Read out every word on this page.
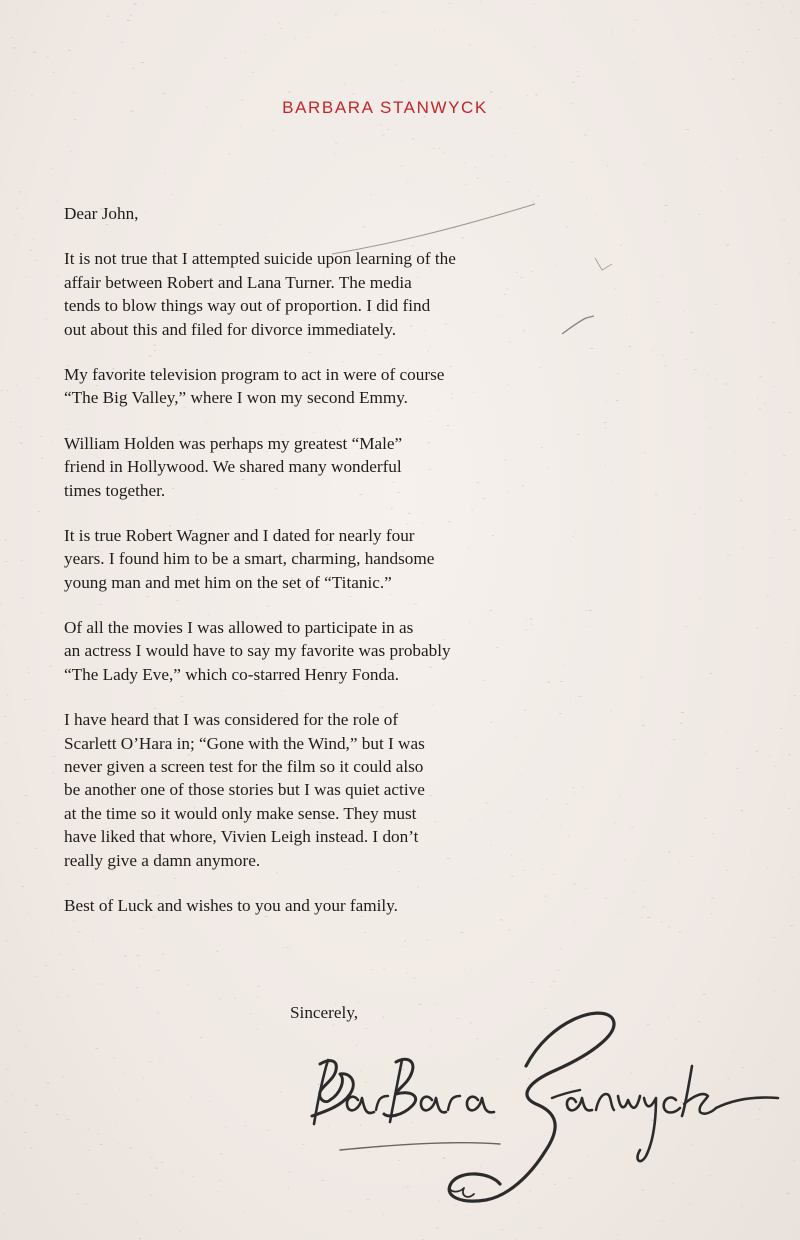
BARBARA STANWYCK
Dear John,
It is not true that I attempted suicide upon learning of the
affair between Robert and Lana Turner. The media
tends to blow things way out of proportion. I did find
out about this and filed for divorce immediately.
My favorite television program to act in were of course
“The Big Valley,” where I won my second Emmy.
William Holden was perhaps my greatest “Male”
friend in Hollywood. We shared many wonderful
times together.
It is true Robert Wagner and I dated for nearly four
years. I found him to be a smart, charming, handsome
young man and met him on the set of “Titanic.”
Of all the movies I was allowed to participate in as
an actress I would have to say my favorite was probably
“The Lady Eve,” which co-starred Henry Fonda.
I have heard that I was considered for the role of
Scarlett O’Hara in; “Gone with the Wind,” but I was
never given a screen test for the film so it could also
be another one of those stories but I was quiet active
at the time so it would only make sense. They must
have liked that whore, Vivien Leigh instead. I don’t
really give a damn anymore.
Best of Luck and wishes to you and your family.
Sincerely,
